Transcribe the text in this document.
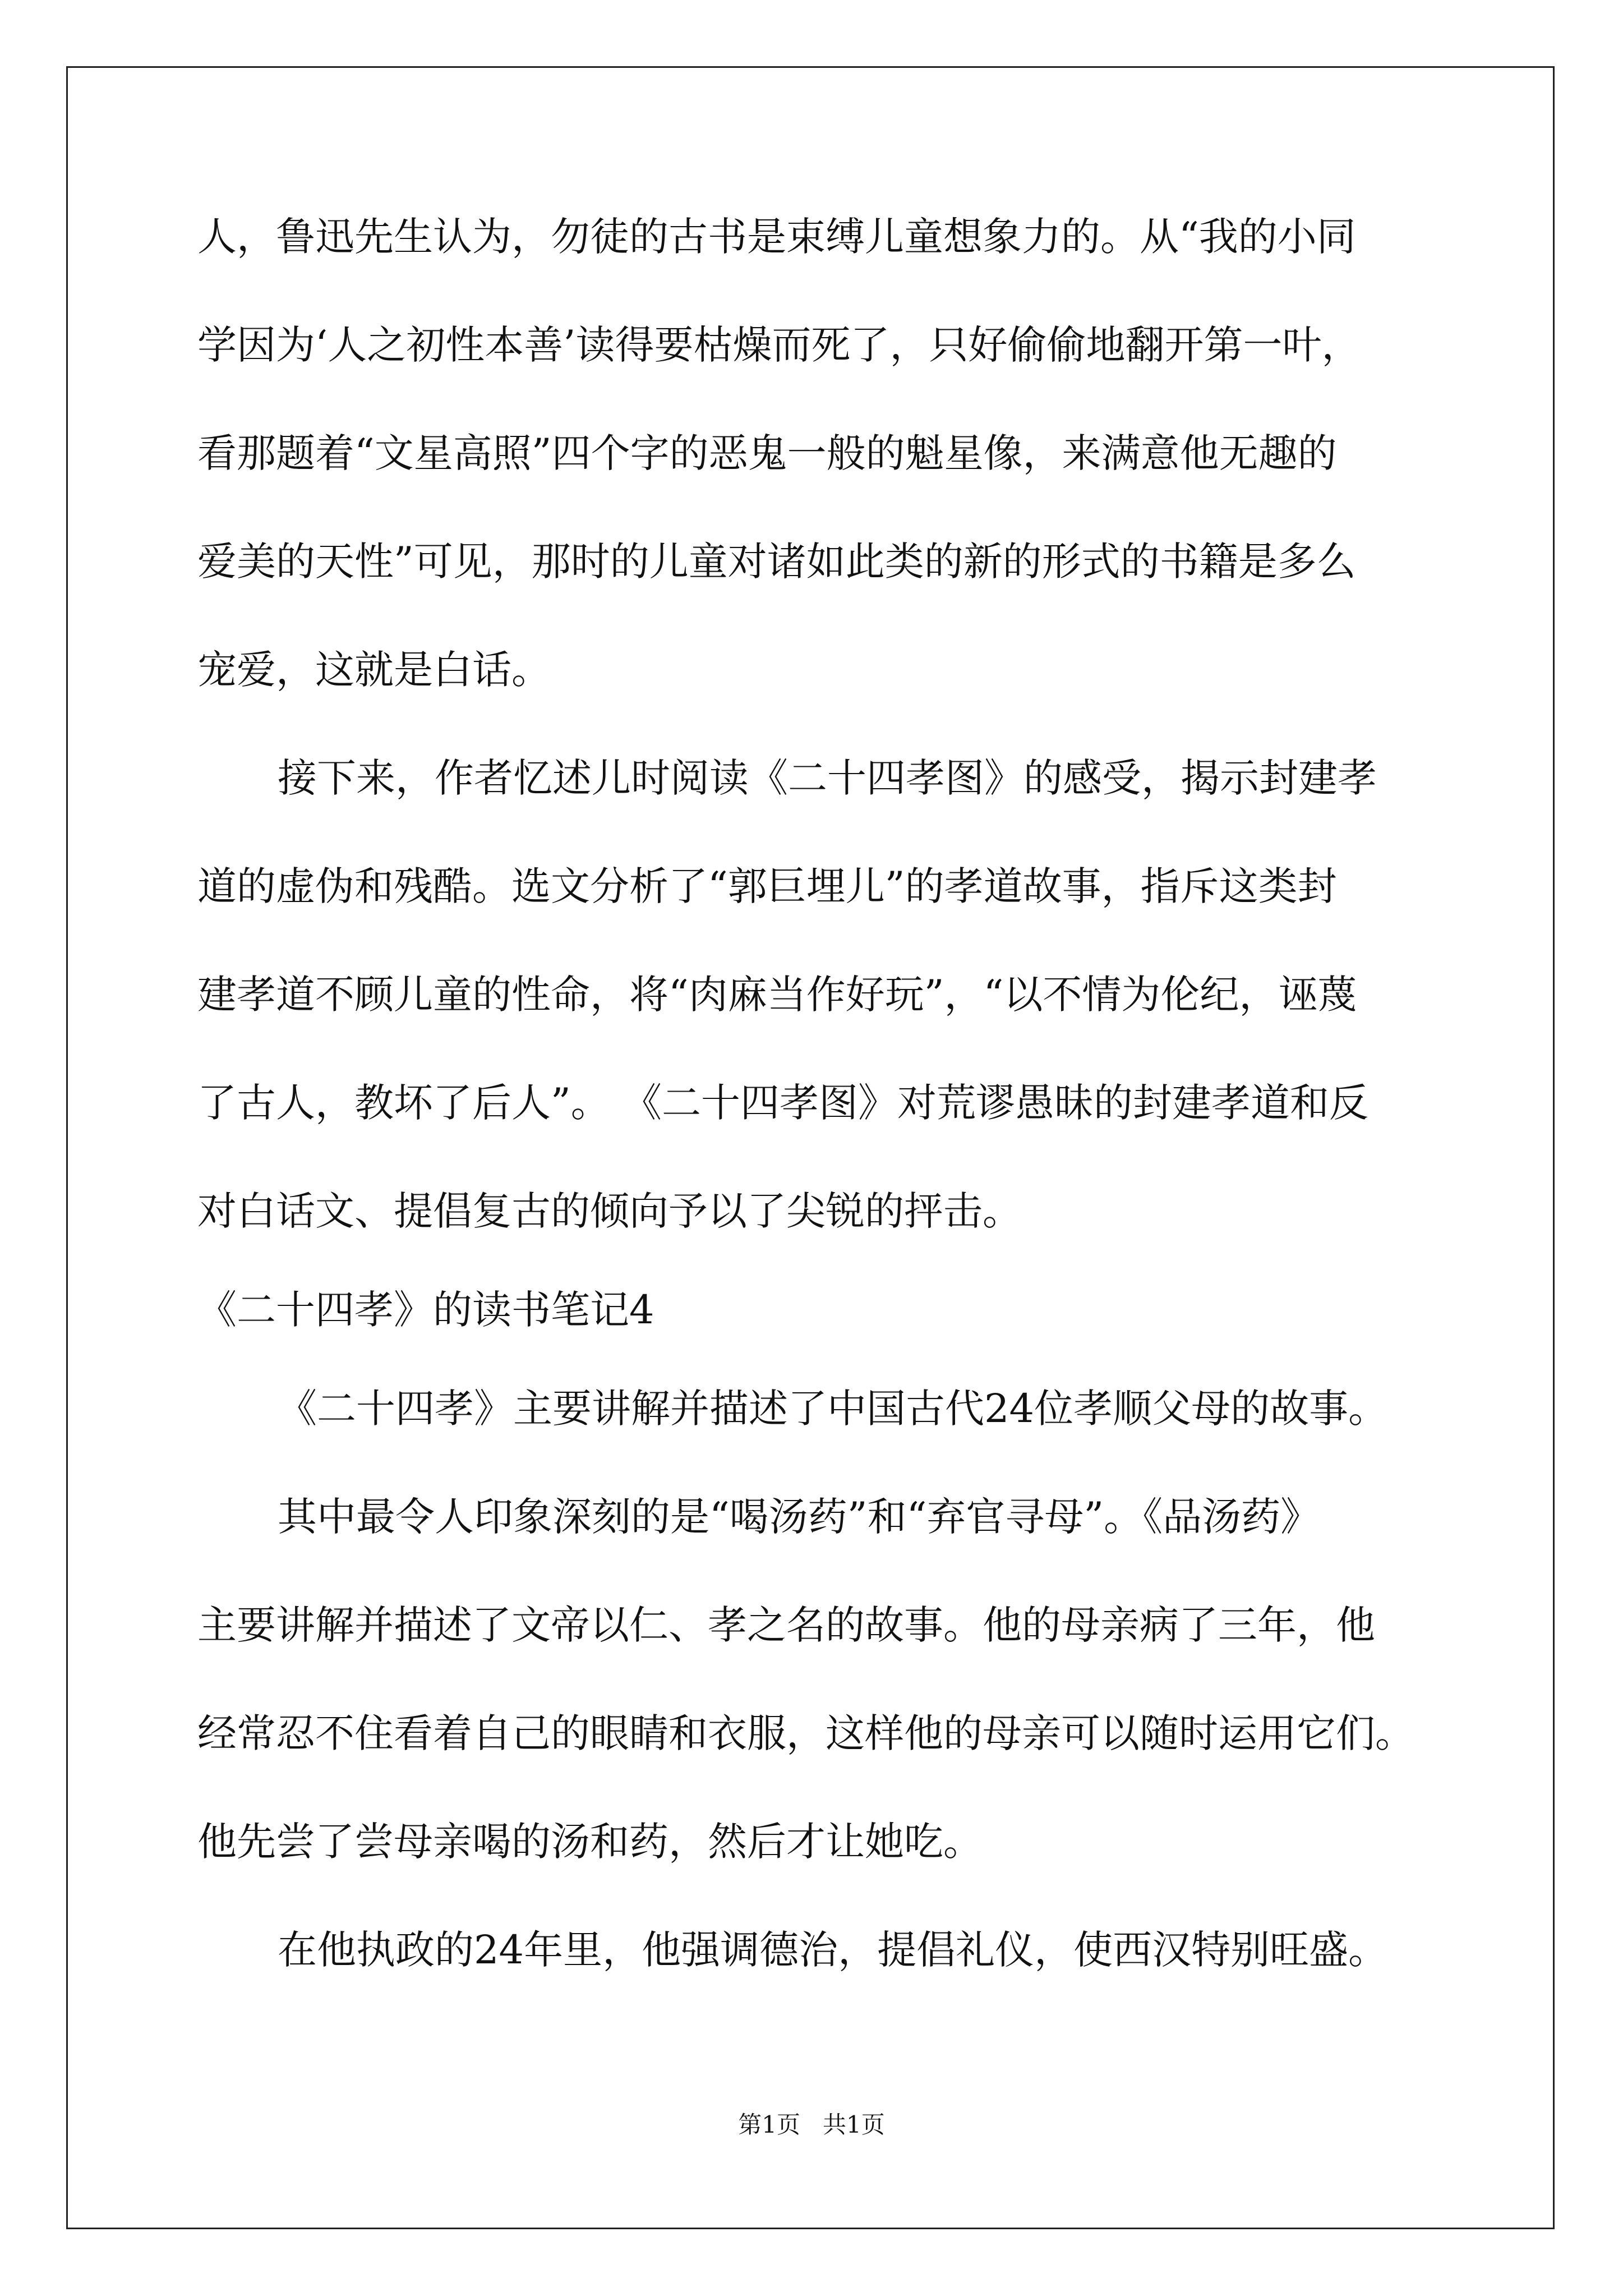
人，鲁迅先生认为，勿徒的古书是束缚儿童想象力的。从“我的小同
学因为‘人之初性本善’读得要枯燥而死了，只好偷偷地翻开第一叶，
看那题着“文星高照”四个字的恶鬼一般的魁星像，来满意他无趣的
爱美的天性”可见，那时的儿童对诸如此类的新的形式的书籍是多么
宠爱，这就是白话。
接下来，作者忆述儿时阅读《二十四孝图》的感受，揭示封建孝
道的虚伪和残酷。选文分析了“郭巨埋儿”的孝道故事，指斥这类封
建孝道不顾儿童的性命，将“肉麻当作好玩”，“以不情为伦纪，诬蔑
了古人，教坏了后人”。 《二十四孝图》对荒谬愚昧的封建孝道和反
对白话文、提倡复古的倾向予以了尖锐的抨击。
《二十四孝》的读书笔记4
《二十四孝》主要讲解并描述了中国古代24位孝顺父母的故事。
其中最令人印象深刻的是“喝汤药”和“弃官寻母”。《品汤药》
主要讲解并描述了文帝以仁、孝之名的故事。他的母亲病了三年，他
经常忍不住看着自己的眼睛和衣服，这样他的母亲可以随时运用它们。
他先尝了尝母亲喝的汤和药，然后才让她吃。
在他执政的24年里，他强调德治，提倡礼仪，使西汉特别旺盛。
第1页   共1页
